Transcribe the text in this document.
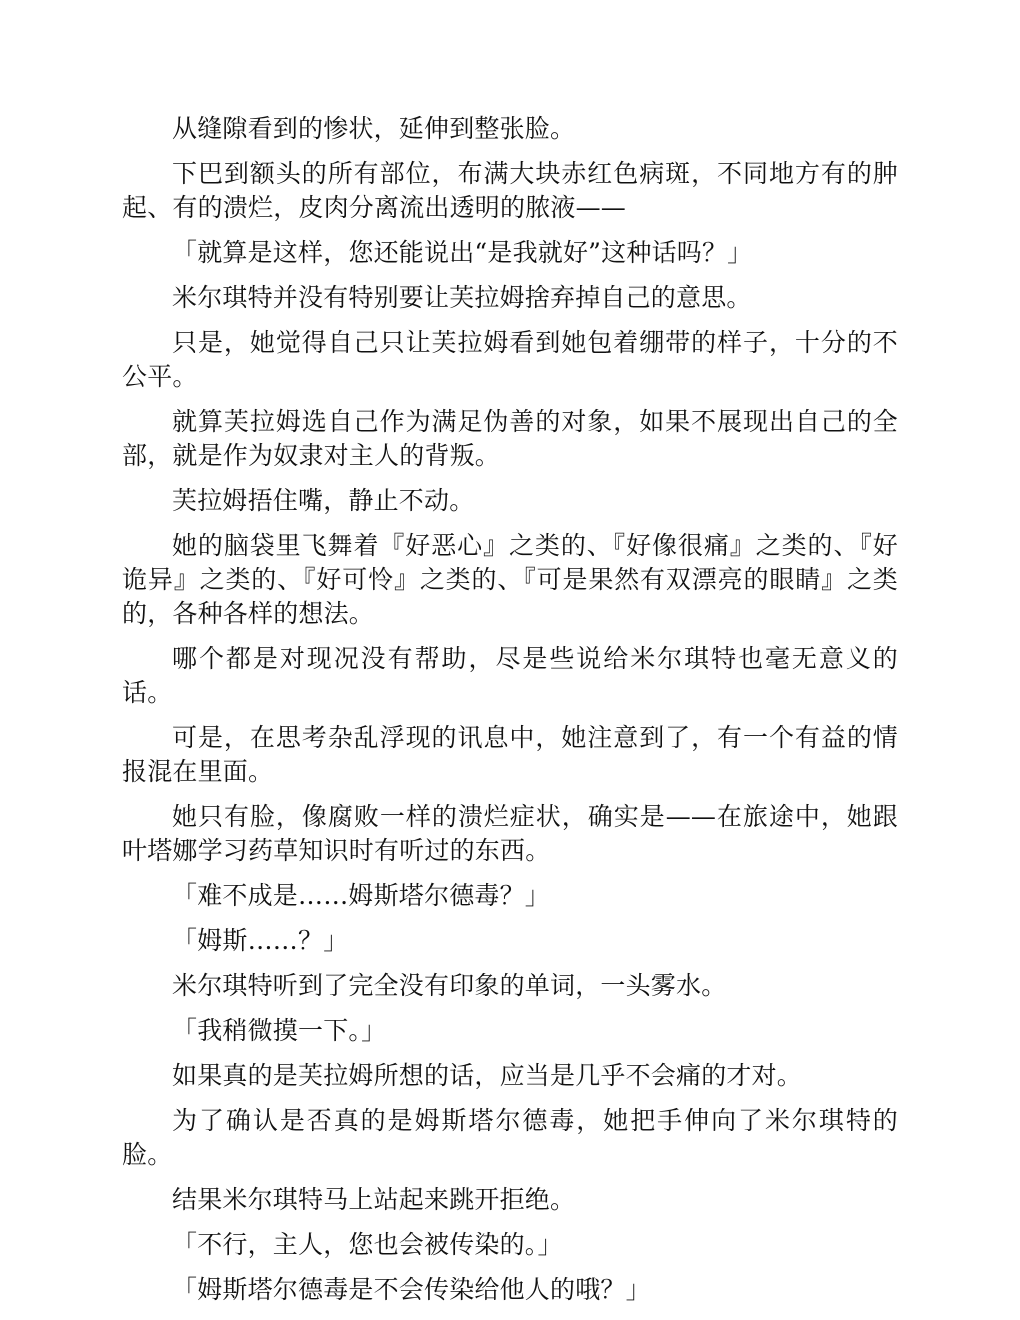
从缝隙看到的惨状，延伸到整张脸。

下巴到额头的所有部位，布满大块赤红色病斑，不同地方有的肿起、有的溃烂，皮肉分离流出透明的脓液——

「就算是这样，您还能说出“是我就好”这种话吗？」

米尔琪特并没有特别要让芙拉姆捨弃掉自己的意思。

只是，她觉得自己只让芙拉姆看到她包着绷带的样子，十分的不公平。

就算芙拉姆选自己作为满足伪善的对象，如果不展现出自己的全部，就是作为奴隶对主人的背叛。

芙拉姆捂住嘴，静止不动。

她的脑袋里飞舞着『好恶心』之类的、『好像很痛』之类的、『好诡异』之类的、『好可怜』之类的、『可是果然有双漂亮的眼睛』之类的，各种各样的想法。

哪个都是对现况没有帮助，尽是些说给米尔琪特也毫无意义的话。

可是，在思考杂乱浮现的讯息中，她注意到了，有一个有益的情报混在里面。

她只有脸，像腐败一样的溃烂症状，确实是——在旅途中，她跟叶塔娜学习药草知识时有听过的东西。

「难不成是……姆斯塔尔德毒？」

「姆斯……？」

米尔琪特听到了完全没有印象的单词，一头雾水。

「我稍微摸一下。」

如果真的是芙拉姆所想的话，应当是几乎不会痛的才对。

为了确认是否真的是姆斯塔尔德毒，她把手伸向了米尔琪特的脸。

结果米尔琪特马上站起来跳开拒绝。

「不行，主人，您也会被传染的。」

「姆斯塔尔德毒是不会传染给他人的哦？」
